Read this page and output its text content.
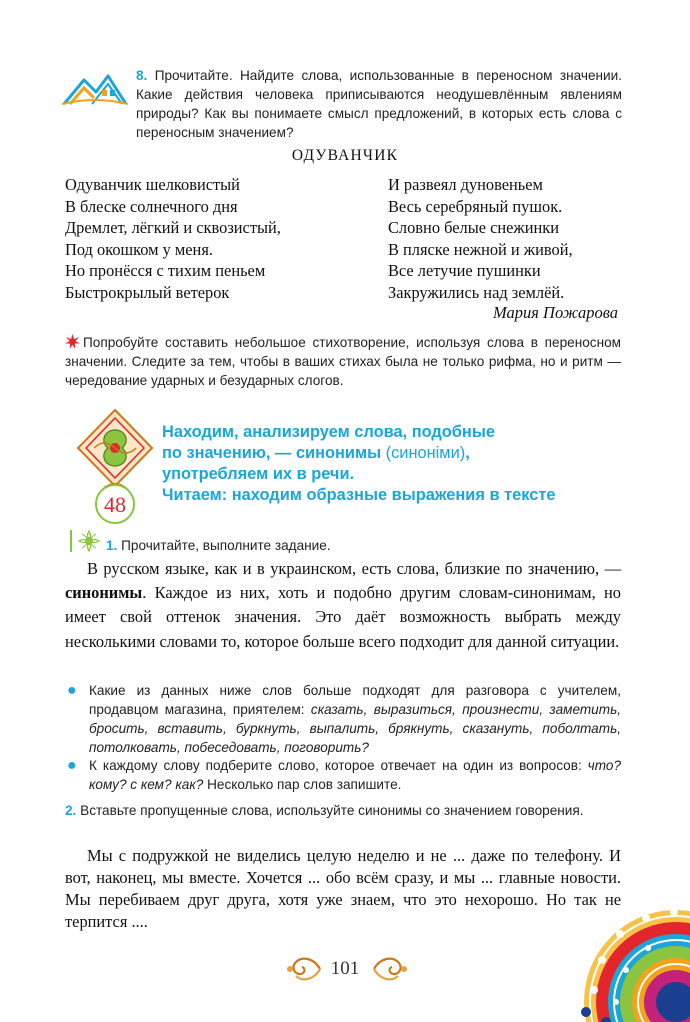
8. Прочитайте. Найдите слова, использованные в переносном значении. Какие действия человека приписываются неодушевлённым явлениям природы? Как вы понимаете смысл предложений, в которых есть слова с переносным значением?
ОДУВАНЧИК
Одуванчик шелковистый
В блеске солнечного дня
Дремлет, лёгкий и сквозистый,
Под окошком у меня.
Но пронёсся с тихим пеньем
Быстрокрылый ветерок
И развеял дуновеньем
Весь серебряный пушок.
Словно белые снежинки
В пляске нежной и живой,
Все летучие пушинки
Закружились над землёй.
Мария Пожарова
Попробуйте составить небольшое стихотворение, используя слова в переносном значении. Следите за тем, чтобы в ваших стихах была не только рифма, но и ритм — чередование ударных и безударных слогов.
48
Находим, анализируем слова, подобные
по значению, — синонимы (синоніми),
употребляем их в речи.
Читаем: находим образные выражения в тексте
1. Прочитайте, выполните задание.
В русском языке, как и в украинском, есть слова, близкие по значению, — синонимы. Каждое из них, хоть и подобно другим словам-синонимам, но имеет свой оттенок значения. Это даёт возможность выбрать между несколькими словами то, которое больше всего подходит для данной ситуации.
● Какие из данных ниже слов больше подходят для разговора с учителем, продавцом магазина, приятелем: сказать, выразиться, произнести, заметить, бросить, вставить, буркнуть, выпалить, брякнуть, сказануть, поболтать, потолковать, побеседовать, поговорить?
● К каждому слову подберите слово, которое отвечает на один из вопросов: что? кому? с кем? как? Несколько пар слов запишите.
2. Вставьте пропущенные слова, используйте синонимы со значением говорения.
Мы с подружкой не виделись целую неделю и не ... даже по телефону. И вот, наконец, мы вместе. Хочется ... обо всём сразу, и мы ... главные новости. Мы перебиваем друг друга, хотя уже знаем, что это нехорошо. Но так не терпится ....
101
